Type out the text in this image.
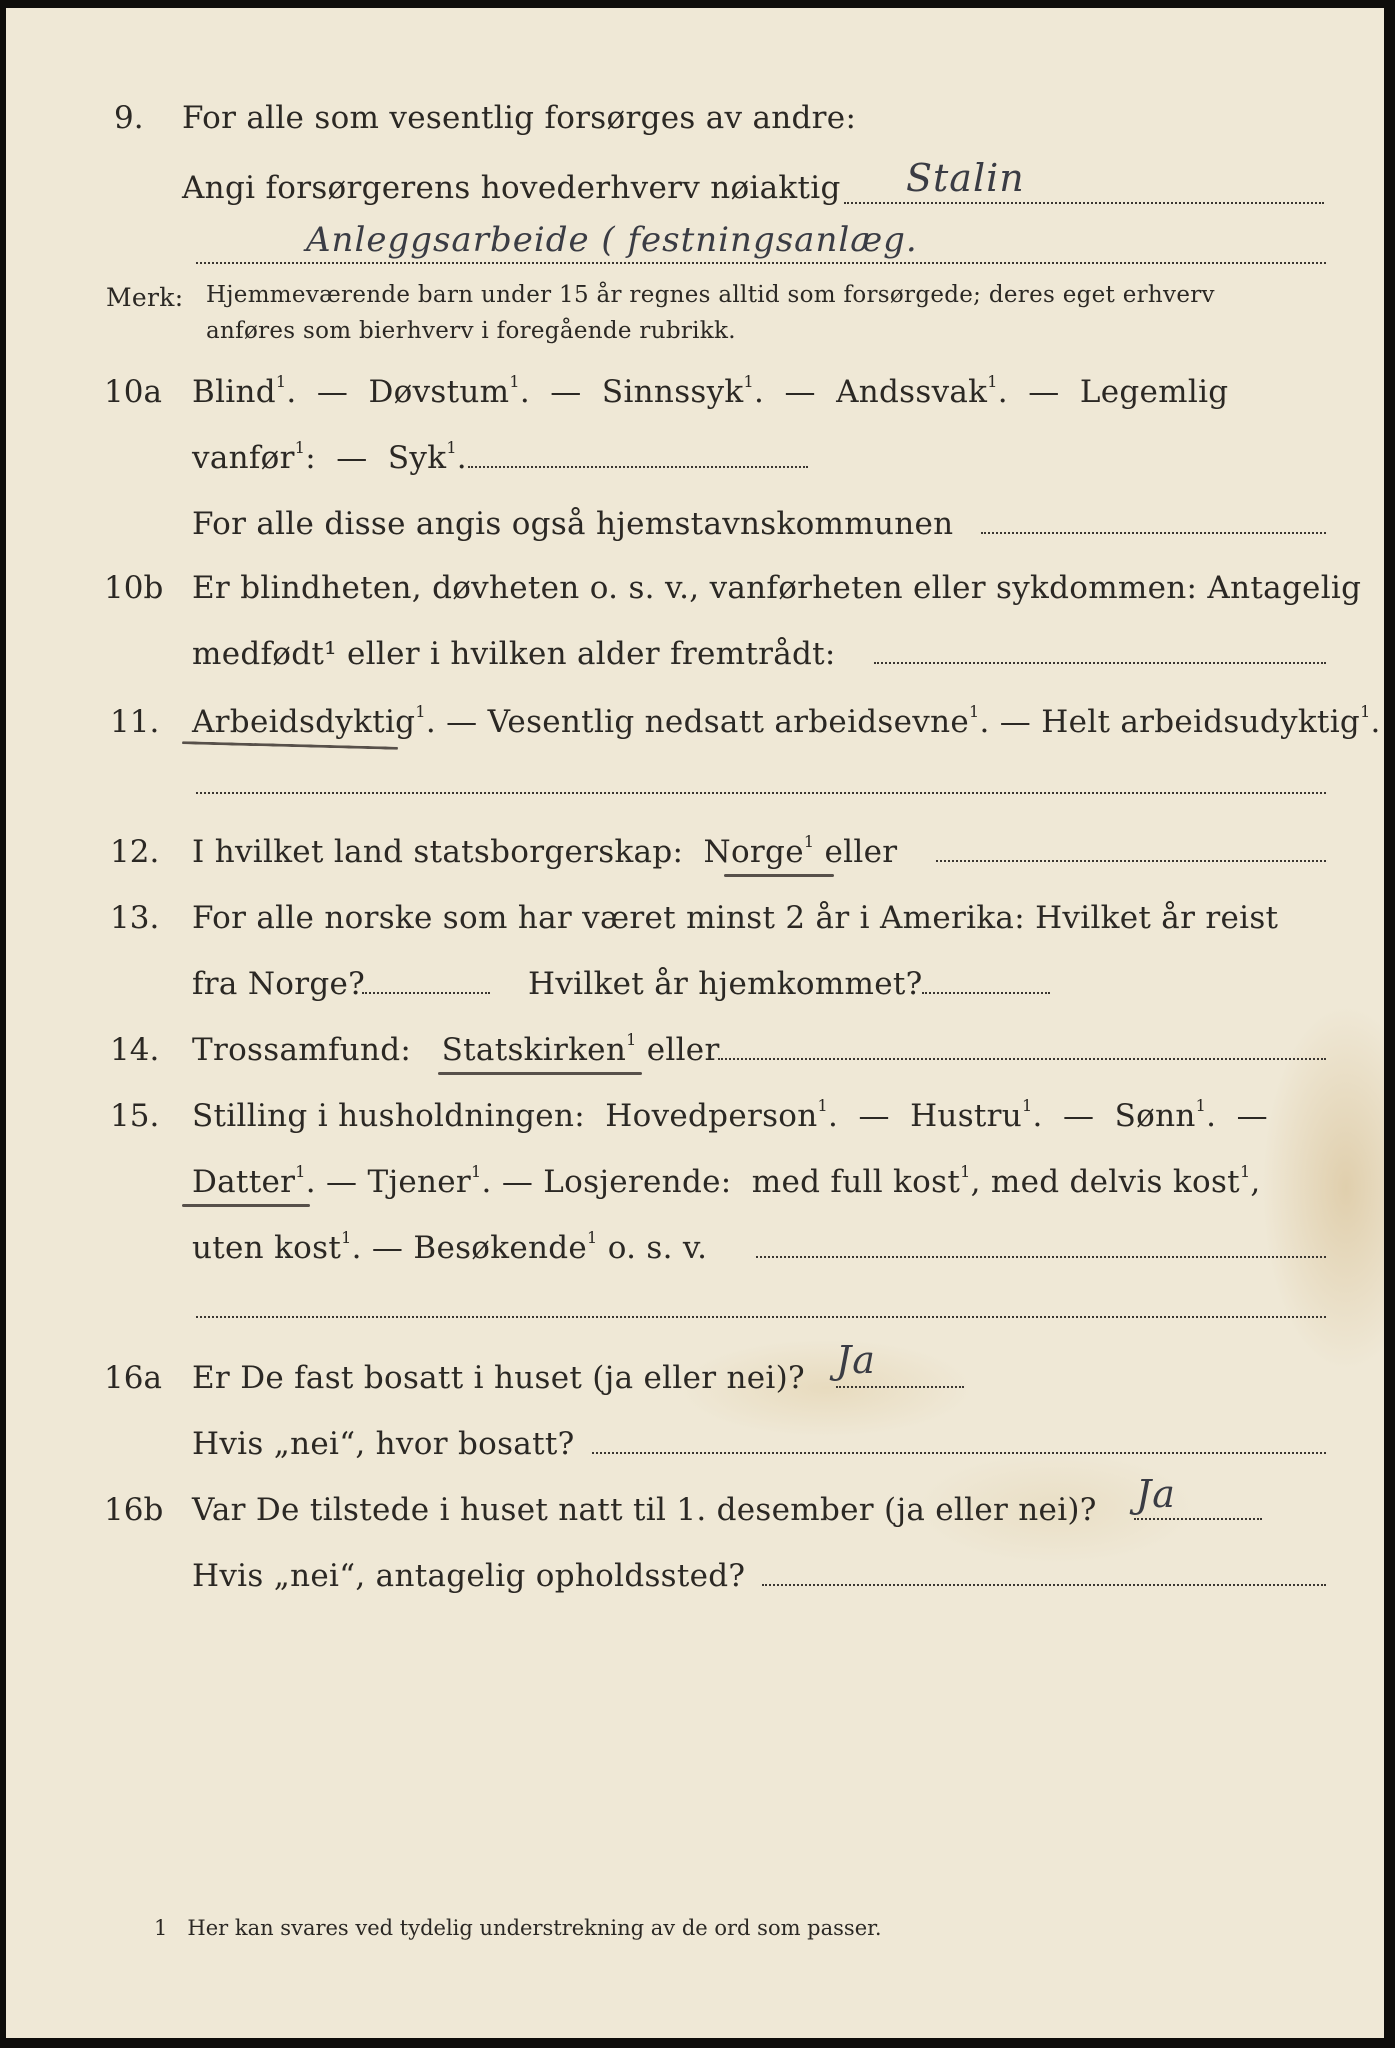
9. For alle som vesentlig forsørges av andre:
Angi forsørgerens hovederhverv nøiaktig Stalin
Anleggsarbeide ( festningsanlæg.
Merk: Hjemmeværende barn under 15 år regnes alltid som forsørgede; deres eget erhverv
anføres som bierhverv i foregående rubrikk.
10a Blind$^1$.  —  Døvstum$^1$.  —  Sinnssyk$^1$.  —  Andssvak$^1$.  —  Legemlig
vanfør$^1$:  —  Syk$^1$.
For alle disse angis også hjemstavnskommunen
10b Er blindheten, døvheten o. s. v., vanførheten eller sykdommen: Antagelig
medfødt¹ eller i hvilken alder fremtrådt:
11. Arbeidsdyktig$^1$. — Vesentlig nedsatt arbeidsevne$^1$. — Helt arbeidsudyktig$^1$.
12. I hvilket land statsborgerskap: Norge$^1$ eller
13. For alle norske som har været minst 2 år i Amerika: Hvilket år reist
fra Norge?	Hvilket år hjemkommet?
14. Trossamfund: Statskirken$^1$ eller
15. Stilling i husholdningen: Hovedperson$^1$.  —  Hustru$^1$.  —  Sønn$^1$.  —
Datter$^1$. — Tjener$^1$. — Losjerende: med full kost$^1$, med delvis kost$^1$,
uten kost$^1$. — Besøkende$^1$ o. s. v.
16a Er De fast bosatt i huset (ja eller nei)? Ja
Hvis „nei“, hvor bosatt?
16b Var De tilstede i huset natt til 1. desember (ja eller nei)? Ja
Hvis „nei“, antagelig opholdssted?
1 Her kan svares ved tydelig understrekning av de ord som passer.
